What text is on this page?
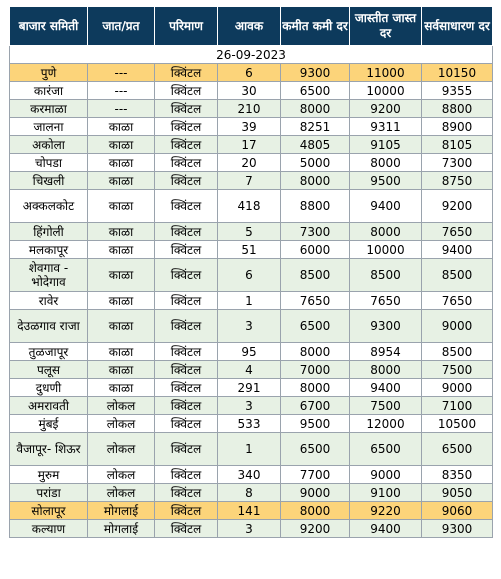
बाजार समिती	जात/प्रत	परिमाण	आवक	कमीत कमी दर	जास्तीत जास्त दर	सर्वसाधारण दर
26-09-2023						
पुणे	---	क्विंटल	6	9300	11000	10150
कारंजा	---	क्विंटल	30	6500	10000	9355
करमाळा	---	क्विंटल	210	8000	9200	8800
जालना	काळा	क्विंटल	39	8251	9311	8900
अकोला	काळा	क्विंटल	17	4805	9105	8105
चोपडा	काळा	क्विंटल	20	5000	8000	7300
चिखली	काळा	क्विंटल	7	8000	9500	8750
अक्कलकोट	काळा	क्विंटल	418	8800	9400	9200
हिंगोली	काळा	क्विंटल	5	7300	8000	7650
मलकापूर	काळा	क्विंटल	51	6000	10000	9400
शेवगाव - भोदेगाव	काळा	क्विंटल	6	8500	8500	8500
रावेर	काळा	क्विंटल	1	7650	7650	7650
देउळगाव राजा	काळा	क्विंटल	3	6500	9300	9000
तुळजापूर	काळा	क्विंटल	95	8000	8954	8500
पलूस	काळा	क्विंटल	4	7000	8000	7500
दुधणी	काळा	क्विंटल	291	8000	9400	9000
अमरावती	लोकल	क्विंटल	3	6700	7500	7100
मुंबई	लोकल	क्विंटल	533	9500	12000	10500
वैजापूर- शिऊर	लोकल	क्विंटल	1	6500	6500	6500
मुरुम	लोकल	क्विंटल	340	7700	9000	8350
परांडा	लोकल	क्विंटल	8	9000	9100	9050
सोलापूर	मोगलाई	क्विंटल	141	8000	9220	9060
कल्याण	मोगलाई	क्विंटल	3	9200	9400	9300
